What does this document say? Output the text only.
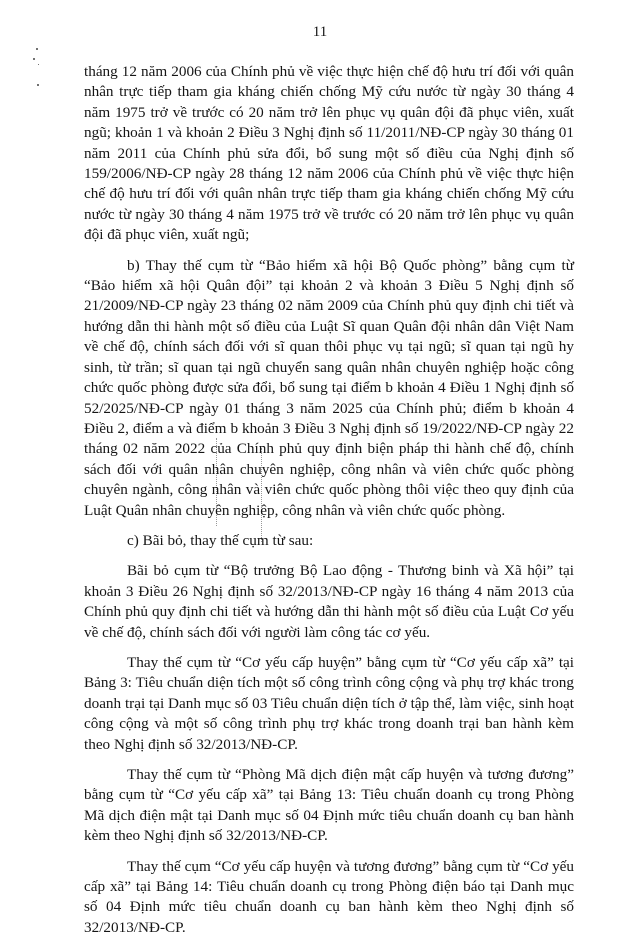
11

tháng 12 năm 2006 của Chính phủ về việc thực hiện chế độ hưu trí đối với quân nhân trực tiếp tham gia kháng chiến chống Mỹ cứu nước từ ngày 30 tháng 4 năm 1975 trở về trước có 20 năm trở lên phục vụ quân đội đã phục viên, xuất ngũ; khoản 1 và khoản 2 Điều 3 Nghị định số 11/2011/NĐ-CP ngày 30 tháng 01 năm 2011 của Chính phủ sửa đổi, bổ sung một số điều của Nghị định số 159/2006/NĐ-CP ngày 28 tháng 12 năm 2006 của Chính phủ về việc thực hiện chế độ hưu trí đối với quân nhân trực tiếp tham gia kháng chiến chống Mỹ cứu nước từ ngày 30 tháng 4 năm 1975 trở về trước có 20 năm trở lên phục vụ quân đội đã phục viên, xuất ngũ;

b) Thay thế cụm từ “Bảo hiểm xã hội Bộ Quốc phòng” bằng cụm từ “Bảo hiểm xã hội Quân đội” tại khoản 2 và khoản 3 Điều 5 Nghị định số 21/2009/NĐ-CP ngày 23 tháng 02 năm 2009 của Chính phủ quy định chi tiết và hướng dẫn thi hành một số điều của Luật Sĩ quan Quân đội nhân dân Việt Nam về chế độ, chính sách đối với sĩ quan thôi phục vụ tại ngũ; sĩ quan tại ngũ hy sinh, từ trần; sĩ quan tại ngũ chuyển sang quân nhân chuyên nghiệp hoặc công chức quốc phòng được sửa đổi, bổ sung tại điểm b khoản 4 Điều 1 Nghị định số 52/2025/NĐ-CP ngày 01 tháng 3 năm 2025 của Chính phủ; điểm b khoản 4 Điều 2, điểm a và điểm b khoản 3 Điều 3 Nghị định số 19/2022/NĐ-CP ngày 22 tháng 02 năm 2022 của Chính phủ quy định biện pháp thi hành chế độ, chính sách đối với quân nhân chuyên nghiệp, công nhân và viên chức quốc phòng chuyên ngành, công nhân và viên chức quốc phòng thôi việc theo quy định của Luật Quân nhân chuyên nghiệp, công nhân và viên chức quốc phòng.

c) Bãi bỏ, thay thế cụm từ sau:

Bãi bỏ cụm từ “Bộ trưởng Bộ Lao động - Thương binh và Xã hội” tại khoản 3 Điều 26 Nghị định số 32/2013/NĐ-CP ngày 16 tháng 4 năm 2013 của Chính phủ quy định chi tiết và hướng dẫn thi hành một số điều của Luật Cơ yếu về chế độ, chính sách đối với người làm công tác cơ yếu.

Thay thế cụm từ “Cơ yếu cấp huyện” bằng cụm từ “Cơ yếu cấp xã” tại Bảng 3: Tiêu chuẩn diện tích một số công trình công cộng và phụ trợ khác trong doanh trại tại Danh mục số 03 Tiêu chuẩn diện tích ở tập thể, làm việc, sinh hoạt công cộng và một số công trình phụ trợ khác trong doanh trại ban hành kèm theo Nghị định số 32/2013/NĐ-CP.

Thay thế cụm từ “Phòng Mã dịch điện mật cấp huyện và tương đương” bằng cụm từ “Cơ yếu cấp xã” tại Bảng 13: Tiêu chuẩn doanh cụ trong Phòng Mã dịch điện mật tại Danh mục số 04 Định mức tiêu chuẩn doanh cụ ban hành kèm theo Nghị định số 32/2013/NĐ-CP.

Thay thế cụm “Cơ yếu cấp huyện và tương đương” bằng cụm từ “Cơ yếu cấp xã” tại Bảng 14: Tiêu chuẩn doanh cụ trong Phòng điện báo tại Danh mục số 04 Định mức tiêu chuẩn doanh cụ ban hành kèm theo Nghị định số 32/2013/NĐ-CP.
